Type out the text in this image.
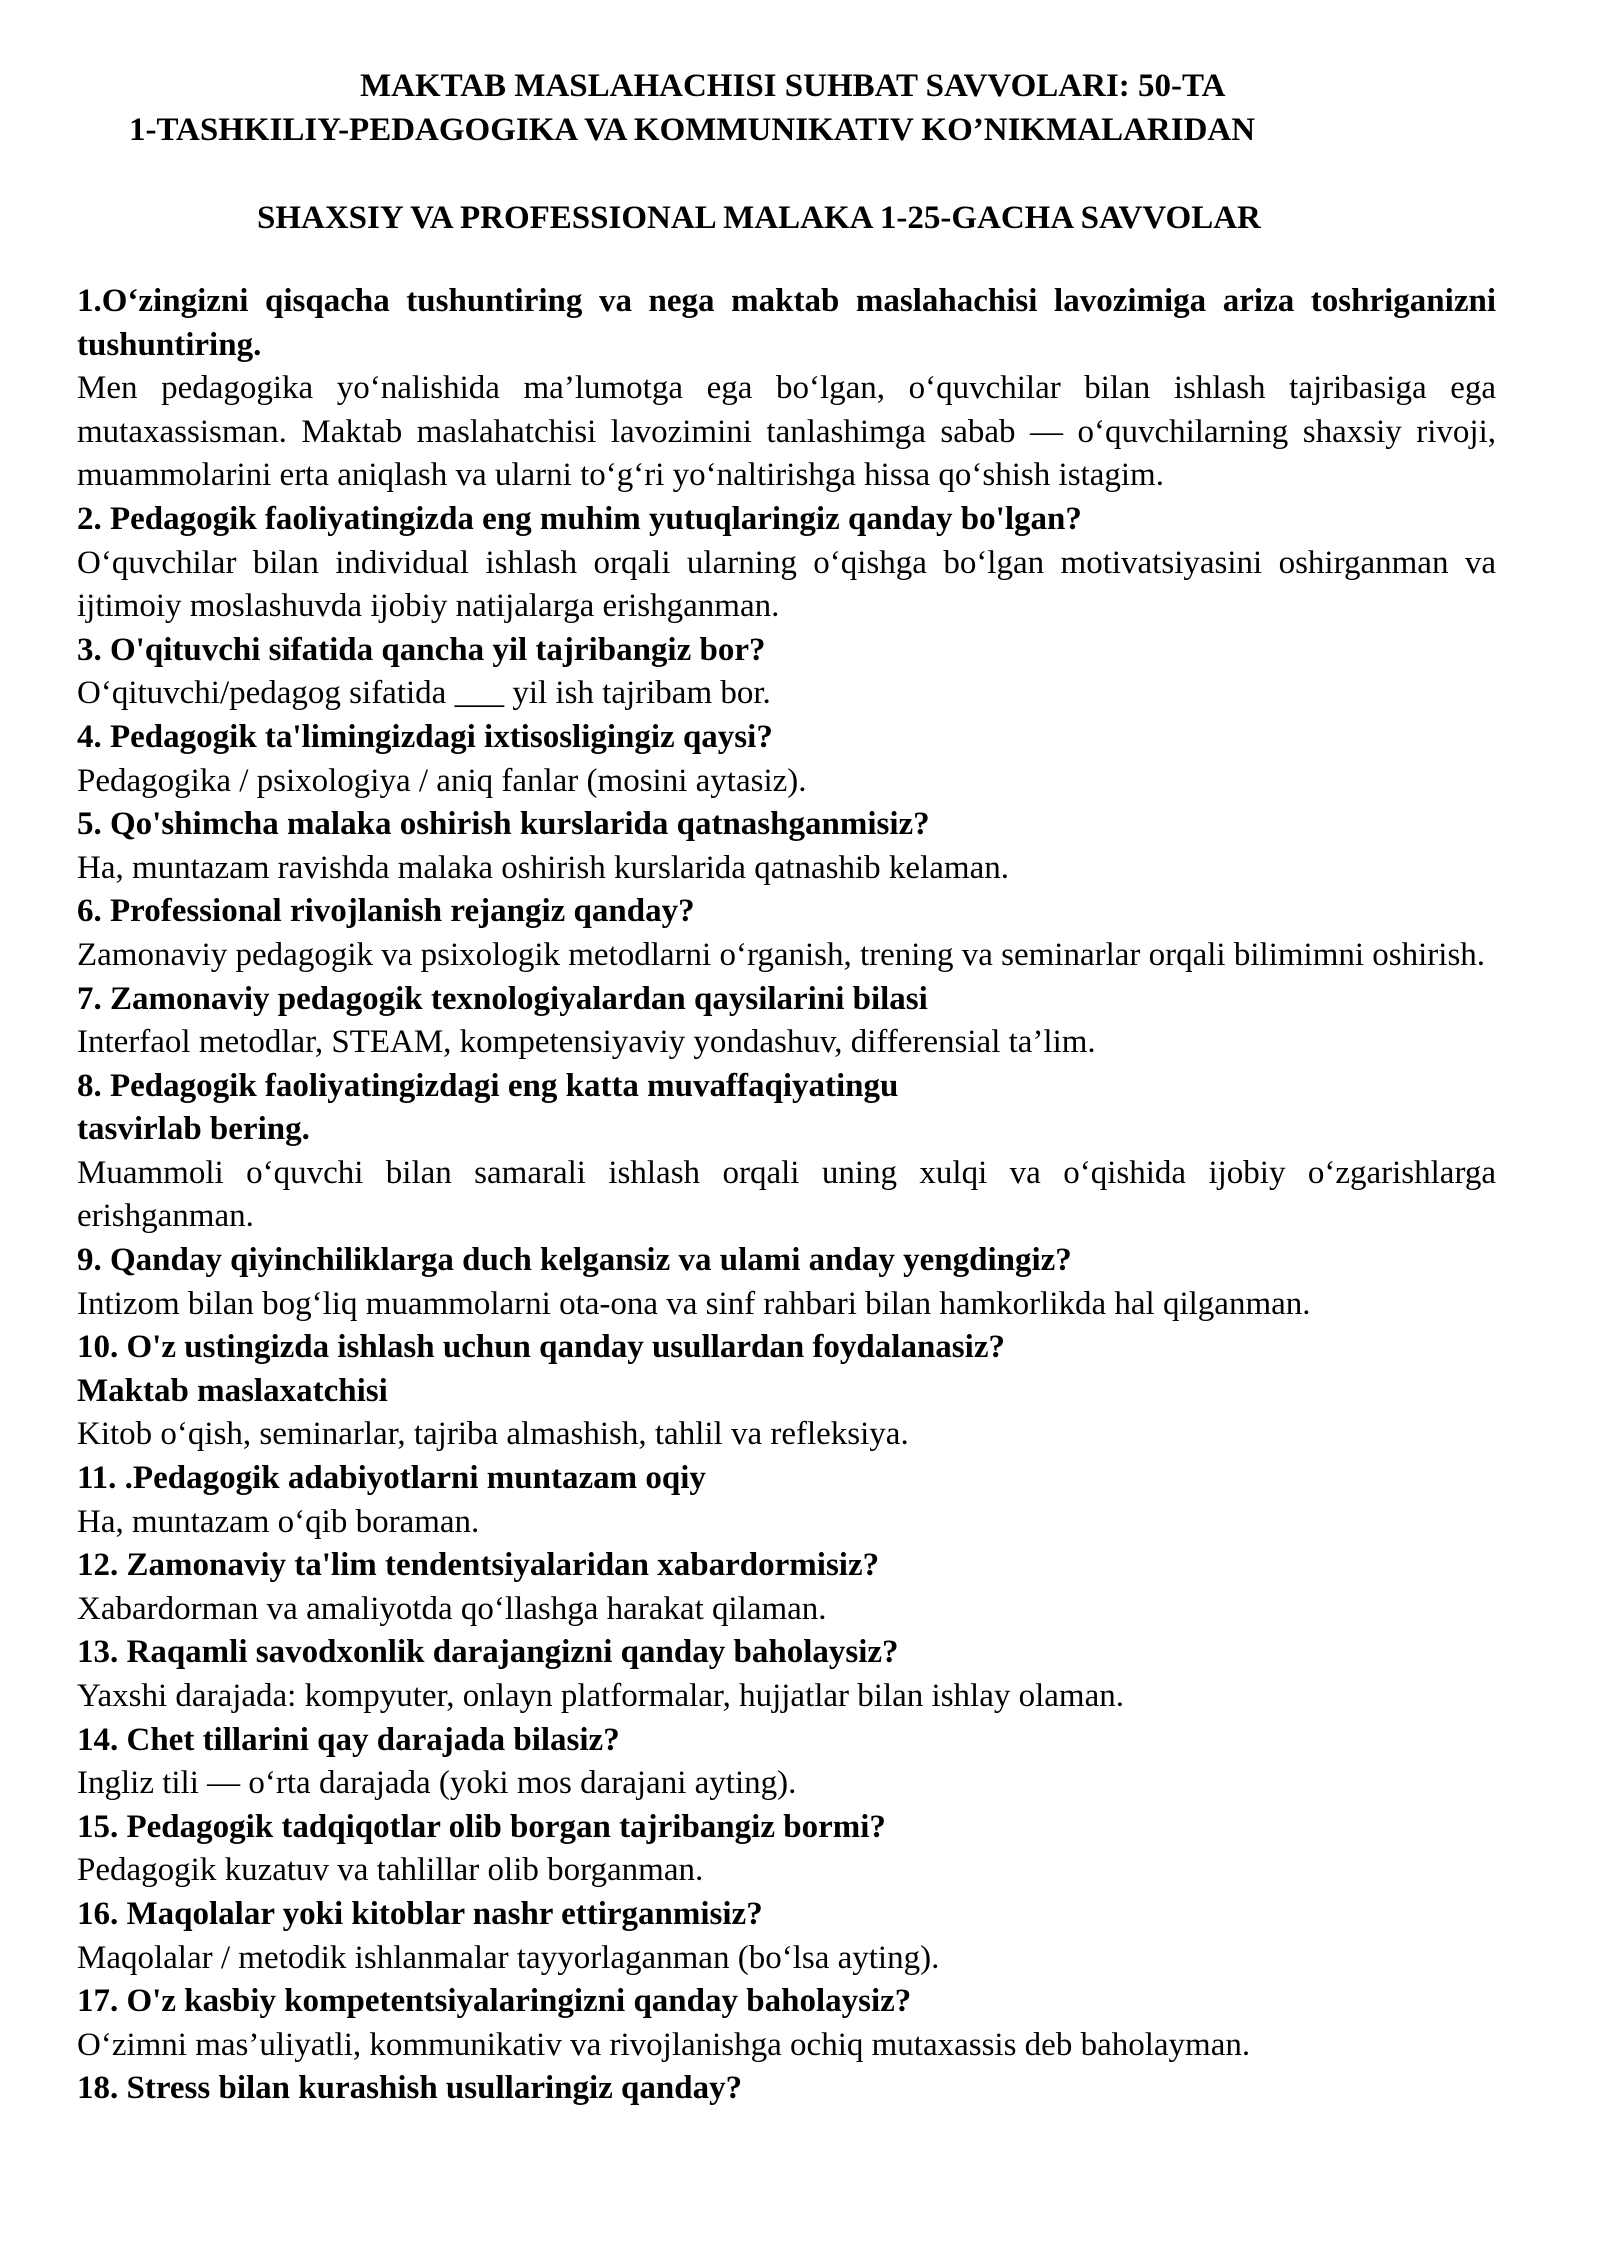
MAKTAB MASLAHACHISI SUHBAT SAVVOLARI: 50-TA
1-TASHKILIY-PEDAGOGIKA VA KOMMUNIKATIV KO’NIKMALARIDAN
SHAXSIY VA PROFESSIONAL MALAKA 1-25-GACHA SAVVOLAR
1.O‘zingizni qisqacha tushuntiring va nega maktab maslahachisi lavozimiga ariza toshriganizni tushuntiring.
Men pedagogika yo‘nalishida ma’lumotga ega bo‘lgan, o‘quvchilar bilan ishlash tajribasiga ega mutaxassisman. Maktab maslahatchisi lavozimini tanlashimga sabab — o‘quvchilarning shaxsiy rivoji, muammolarini erta aniqlash va ularni to‘g‘ri yo‘naltirishga hissa qo‘shish istagim.
2. Pedagogik faoliyatingizda eng muhim yutuqlaringiz qanday bo'lgan?
O‘quvchilar bilan individual ishlash orqali ularning o‘qishga bo‘lgan motivatsiyasini oshirganman va ijtimoiy moslashuvda ijobiy natijalarga erishganman.
3. O'qituvchi sifatida qancha yil tajribangiz bor?
O‘qituvchi/pedagog sifatida ___ yil ish tajribam bor.
4. Pedagogik ta'limingizdagi ixtisosligingiz qaysi?
Pedagogika / psixologiya / aniq fanlar (mosini aytasiz).
5. Qo'shimcha malaka oshirish kurslarida qatnashganmisiz?
Ha, muntazam ravishda malaka oshirish kurslarida qatnashib kelaman.
6. Professional rivojlanish rejangiz qanday?
Zamonaviy pedagogik va psixologik metodlarni o‘rganish, trening va seminarlar orqali bilimimni oshirish.
7. Zamonaviy pedagogik texnologiyalardan qaysilarini bilasi
Interfaol metodlar, STEAM, kompetensiyaviy yondashuv, differensial ta’lim.
8. Pedagogik faoliyatingizdagi eng katta muvaffaqiyatingu
tasvirlab bering.
Muammoli o‘quvchi bilan samarali ishlash orqali uning xulqi va o‘qishida ijobiy o‘zgarishlarga erishganman.
9. Qanday qiyinchiliklarga duch kelgansiz va ulami anday yengdingiz?
Intizom bilan bog‘liq muammolarni ota-ona va sinf rahbari bilan hamkorlikda hal qilganman.
10. O'z ustingizda ishlash uchun qanday usullardan foydalanasiz?
Maktab maslaxatchisi
Kitob o‘qish, seminarlar, tajriba almashish, tahlil va refleksiya.
11. .Pedagogik adabiyotlarni muntazam oqiy
Ha, muntazam o‘qib boraman.
12. Zamonaviy ta'lim tendentsiyalaridan xabardormisiz?
Xabardorman va amaliyotda qo‘llashga harakat qilaman.
13. Raqamli savodxonlik darajangizni qanday baholaysiz?
Yaxshi darajada: kompyuter, onlayn platformalar, hujjatlar bilan ishlay olaman.
14. Chet tillarini qay darajada bilasiz?
Ingliz tili — o‘rta darajada (yoki mos darajani ayting).
15. Pedagogik tadqiqotlar olib borgan tajribangiz bormi?
Pedagogik kuzatuv va tahlillar olib borganman.
16. Maqolalar yoki kitoblar nashr ettirganmisiz?
Maqolalar / metodik ishlanmalar tayyorlaganman (bo‘lsa ayting).
17. O'z kasbiy kompetentsiyalaringizni qanday baholaysiz?
O‘zimni mas’uliyatli, kommunikativ va rivojlanishga ochiq mutaxassis deb baholayman.
18. Stress bilan kurashish usullaringiz qanday?
